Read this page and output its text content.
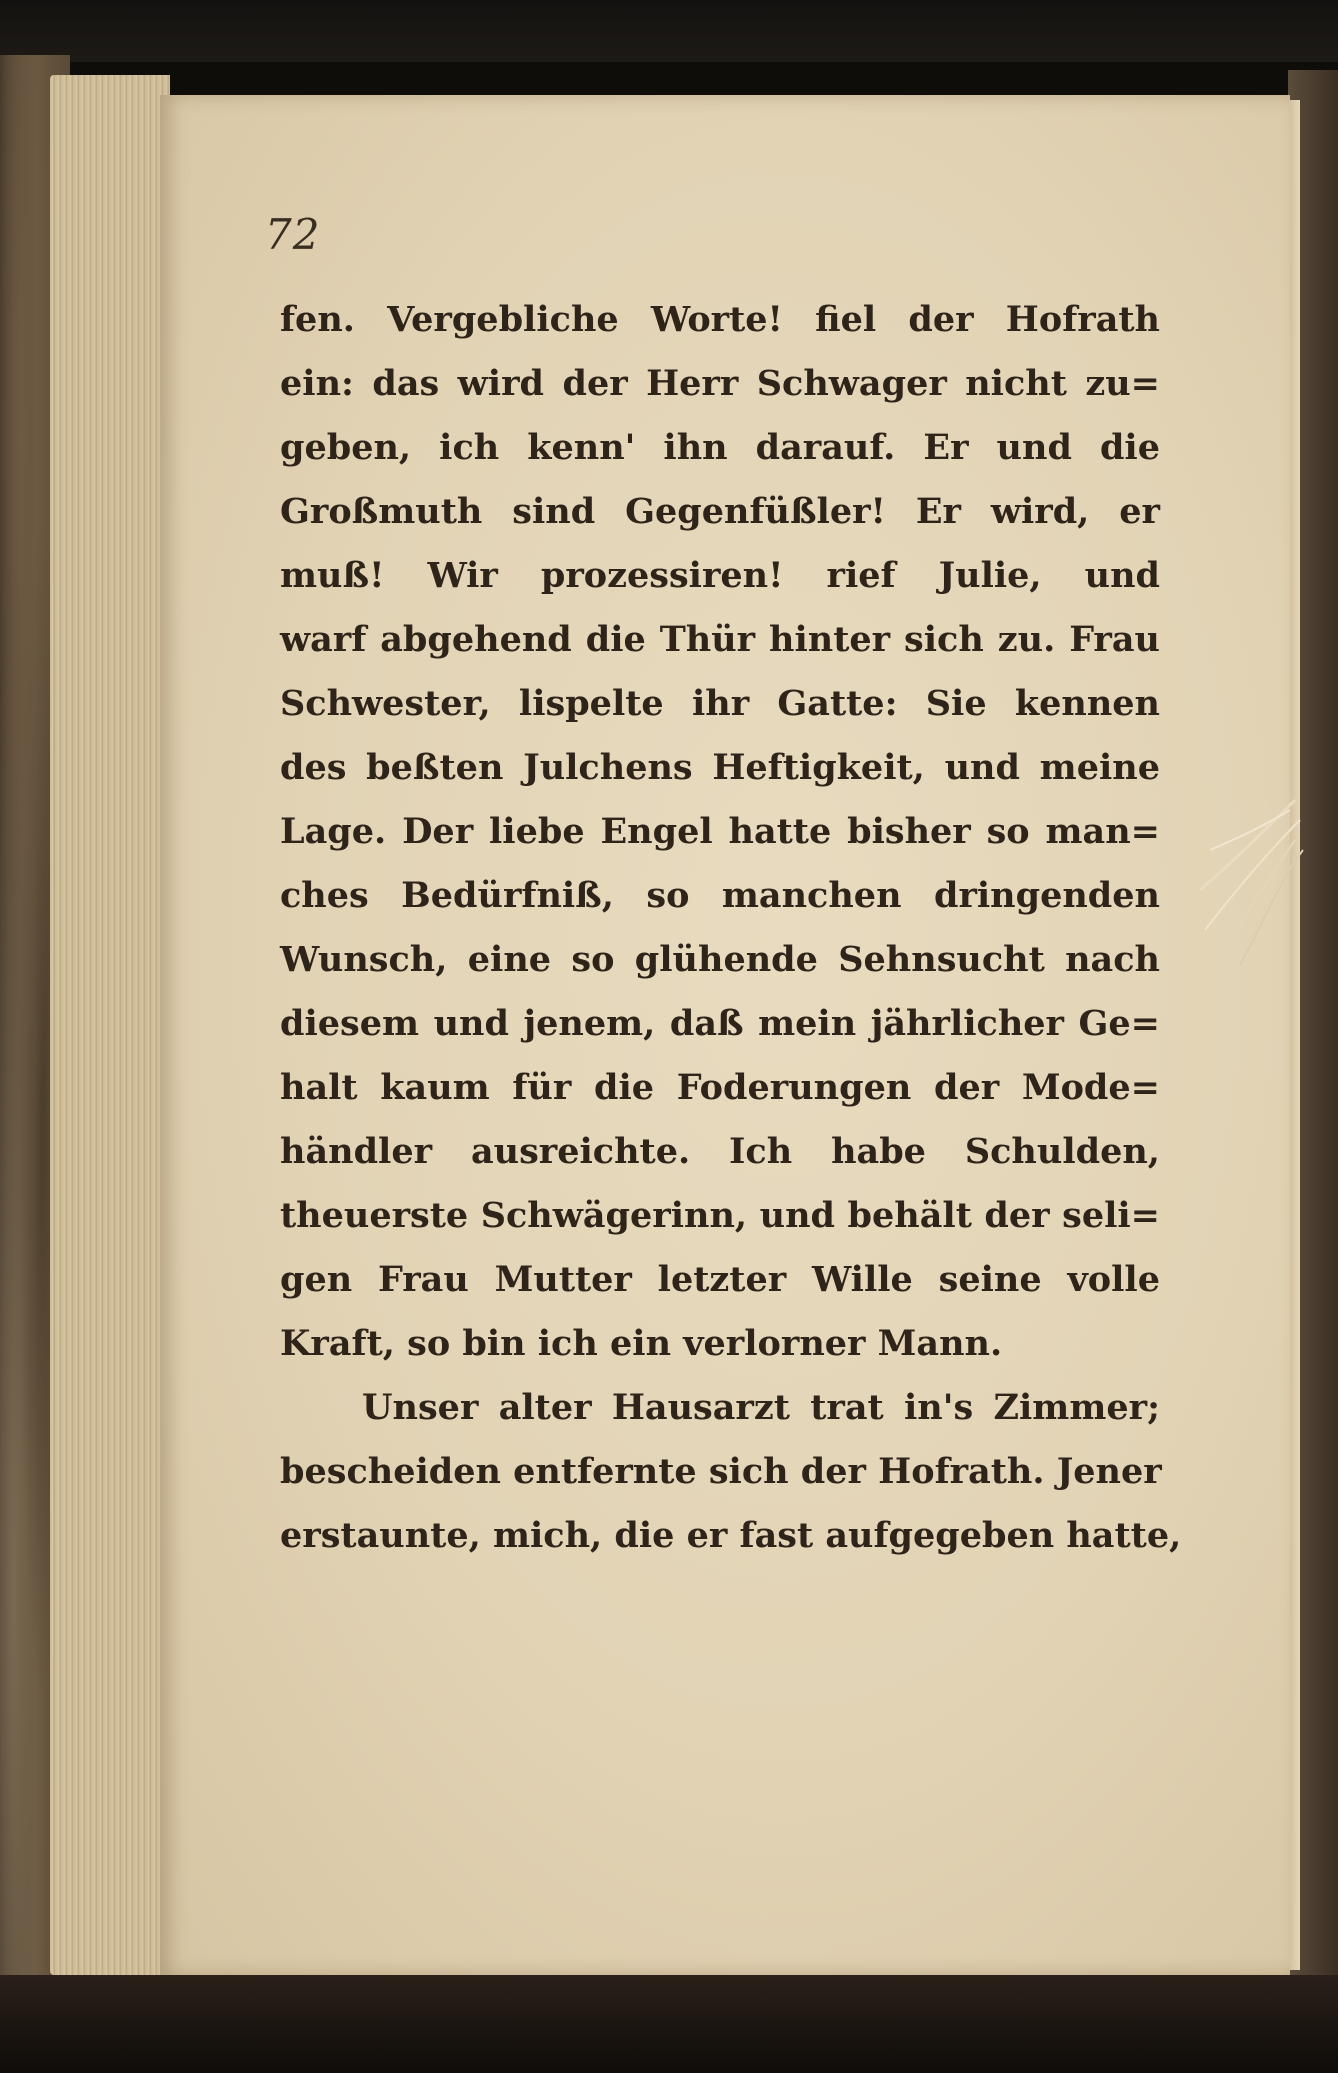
72
fen. Vergebliche Worte! fiel der Hofrath
ein: das wird der Herr Schwager nicht zu=
geben, ich kenn' ihn darauf. Er und die
Großmuth sind Gegenfüßler! Er wird, er
muß! Wir prozessiren! rief Julie, und
warf abgehend die Thür hinter sich zu. Frau
Schwester, lispelte ihr Gatte: Sie kennen
des beßten Julchens Heftigkeit, und meine
Lage. Der liebe Engel hatte bisher so man=
ches Bedürfniß, so manchen dringenden
Wunsch, eine so glühende Sehnsucht nach
diesem und jenem, daß mein jährlicher Ge=
halt kaum für die Foderungen der Mode=
händler ausreichte. Ich habe Schulden,
theuerste Schwägerinn, und behält der seli=
gen Frau Mutter letzter Wille seine volle
Kraft, so bin ich ein verlorner Mann.
Unser alter Hausarzt trat in's Zimmer;
bescheiden entfernte sich der Hofrath. Jener
erstaunte, mich, die er fast aufgegeben hatte,
